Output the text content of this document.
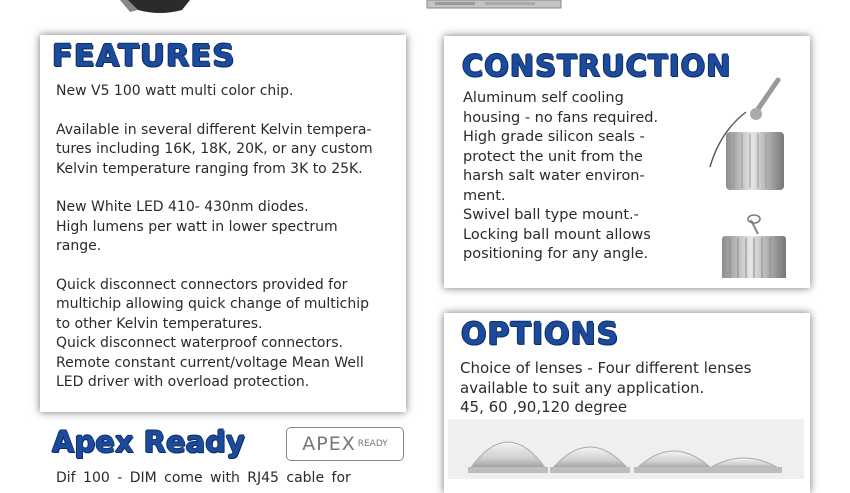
FEATURES

New V5 100 watt multi color chip.

Available in several different Kelvin tempera-
tures including 16K, 18K, 20K, or any custom
Kelvin temperature ranging from 3K to 25K.

New White LED 410- 430nm diodes.
High lumens per watt in lower spectrum
range.

Quick disconnect connectors provided for
multichip allowing quick change of multichip
to other Kelvin temperatures.
Quick disconnect waterproof connectors.
Remote constant current/voltage Mean Well
LED driver with overload protection.

Apex Ready	APEX READY
Dif 100 - DIM come with RJ45 cable for
CONSTRUCTION
Aluminum self cooling
housing - no fans required.
High grade silicon seals -
protect the unit from the
harsh salt water environ-
ment.
Swivel ball type mount.-
Locking ball mount allows
positioning for any angle.
OPTIONS
Choice of lenses - Four different lenses
available to suit any application.
45, 60 ,90,120 degree
